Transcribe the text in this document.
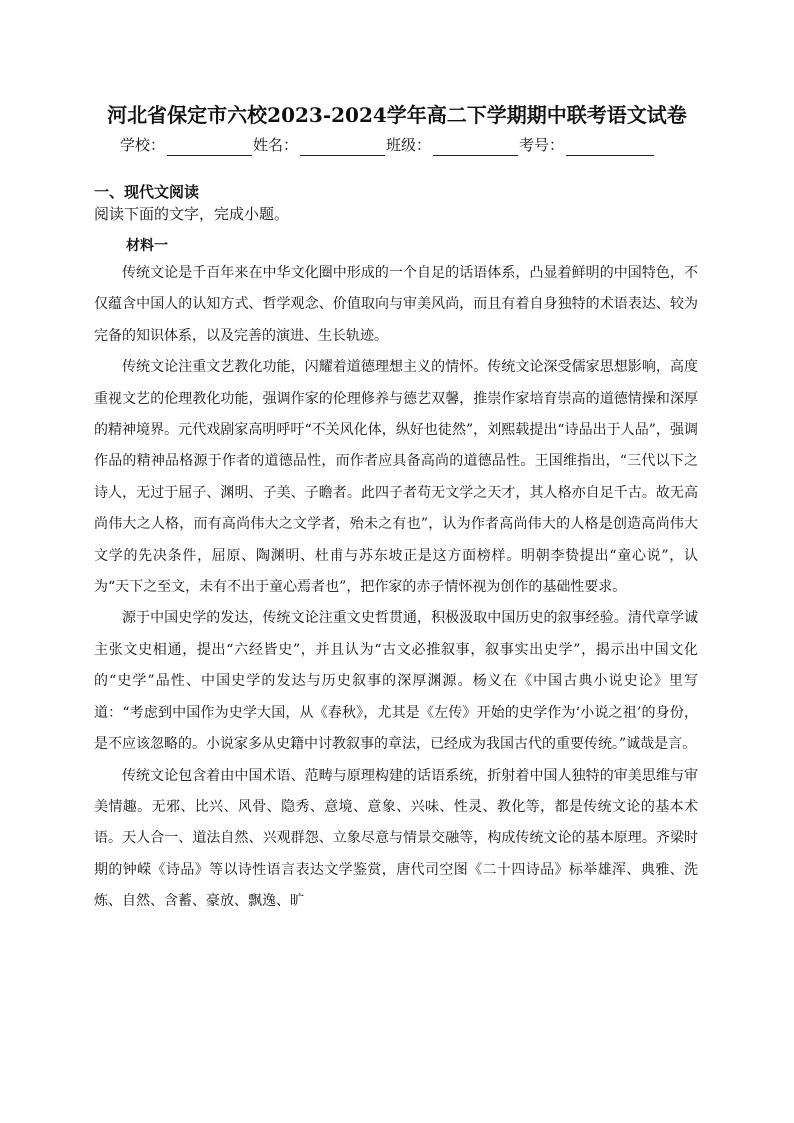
河北省保定市六校2023-2024学年高二下学期期中联考语文试卷
学校：	姓名：	班级：	考号：
一、现代文阅读
阅读下面的文字，完成小题。
材料一

传统文论是千百年来在中华文化圈中形成的一个自足的话语体系，凸显着鲜明的中国特色，不仅蕴含中国人的认知方式、哲学观念、价值取向与审美风尚，而且有着自身独特的术语表达、较为完备的知识体系，以及完善的演进、生长轨迹。

传统文论注重文艺教化功能，闪耀着道德理想主义的情怀。传统文论深受儒家思想影响，高度重视文艺的伦理教化功能，强调作家的伦理修养与德艺双馨，推崇作家培育崇高的道德情操和深厚的精神境界。元代戏剧家高明呼吁“不关风化体，纵好也徒然”，刘熙载提出“诗品出于人品”，强调作品的精神品格源于作者的道德品性，而作者应具备高尚的道德品性。王国维指出，“三代以下之诗人，无过于屈子、渊明、子美、子瞻者。此四子者苟无文学之天才，其人格亦自足千古。故无高尚伟大之人格，而有高尚伟大之文学者，殆未之有也”，认为作者高尚伟大的人格是创造高尚伟大文学的先决条件，屈原、陶渊明、杜甫与苏东坡正是这方面榜样。明朝李贽提出“童心说”，认为“天下之至文，未有不出于童心焉者也”，把作家的赤子情怀视为创作的基础性要求。

源于中国史学的发达，传统文论注重文史哲贯通，积极汲取中国历史的叙事经验。清代章学诚主张文史相通，提出“六经皆史”，并且认为“古文必推叙事，叙事实出史学”，揭示出中国文化的“史学”品性、中国史学的发达与历史叙事的深厚渊源。杨义在《中国古典小说史论》里写道：“考虑到中国作为史学大国，从《春秋》，尤其是《左传》开始的史学作为‘小说之祖’的身份，是不应该忽略的。小说家多从史籍中讨教叙事的章法，已经成为我国古代的重要传统。”诚哉是言。

传统文论包含着由中国术语、范畴与原理构建的话语系统，折射着中国人独特的审美思维与审美情趣。无邪、比兴、风骨、隐秀、意境、意象、兴味、性灵、教化等，都是传统文论的基本术语。天人合一、道法自然、兴观群怨、立象尽意与情景交融等，构成传统文论的基本原理。齐梁时期的钟嵘《诗品》等以诗性语言表达文学鉴赏，唐代司空图《二十四诗品》标举雄浑、典雅、洗炼、自然、含蓄、豪放、飘逸、旷
